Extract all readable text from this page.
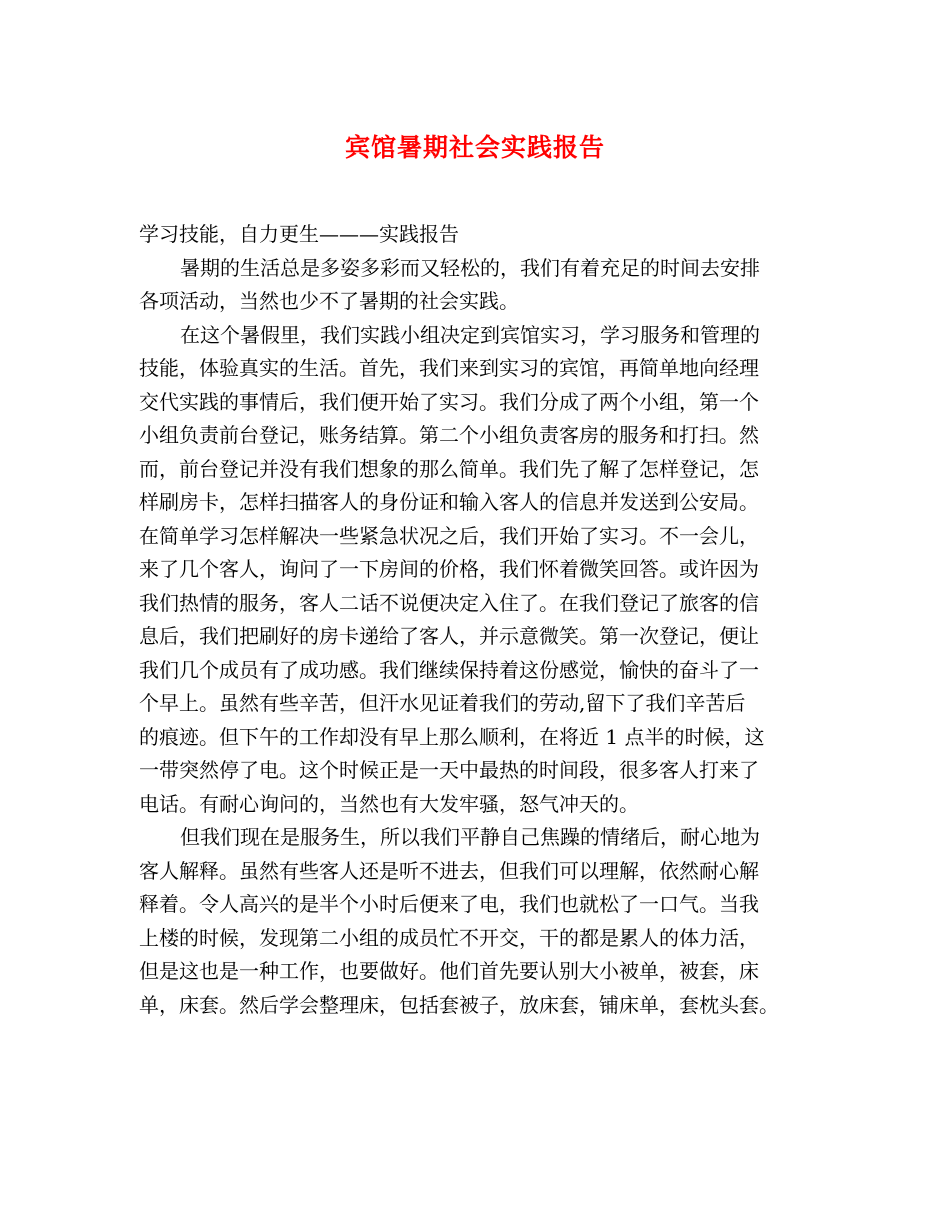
宾馆暑期社会实践报告
学习技能，自力更生———实践报告
暑期的生活总是多姿多彩而又轻松的，我们有着充足的时间去安排
各项活动，当然也少不了暑期的社会实践。
在这个暑假里，我们实践小组决定到宾馆实习，学习服务和管理的
技能，体验真实的生活。首先，我们来到实习的宾馆，再简单地向经理
交代实践的事情后，我们便开始了实习。我们分成了两个小组，第一个
小组负责前台登记，账务结算。第二个小组负责客房的服务和打扫。然
而，前台登记并没有我们想象的那么简单。我们先了解了怎样登记，怎
样刷房卡，怎样扫描客人的身份证和输入客人的信息并发送到公安局。
在简单学习怎样解决一些紧急状况之后，我们开始了实习。不一会儿，
来了几个客人，询问了一下房间的价格，我们怀着微笑回答。或许因为
我们热情的服务，客人二话不说便决定入住了。在我们登记了旅客的信
息后，我们把刷好的房卡递给了客人，并示意微笑。第一次登记，便让
我们几个成员有了成功感。我们继续保持着这份感觉，愉快的奋斗了一
个早上。虽然有些辛苦，但汗水见证着我们的劳动,留下了我们辛苦后
的痕迹。但下午的工作却没有早上那么顺利，在将近 1 点半的时候，这
一带突然停了电。这个时候正是一天中最热的时间段，很多客人打来了
电话。有耐心询问的，当然也有大发牢骚，怒气冲天的。
但我们现在是服务生，所以我们平静自己焦躁的情绪后，耐心地为
客人解释。虽然有些客人还是听不进去，但我们可以理解，依然耐心解
释着。令人高兴的是半个小时后便来了电，我们也就松了一口气。当我
上楼的时候，发现第二小组的成员忙不开交，干的都是累人的体力活，
但是这也是一种工作，也要做好。他们首先要认别大小被单，被套，床
单，床套。然后学会整理床，包括套被子，放床套，铺床单，套枕头套。
